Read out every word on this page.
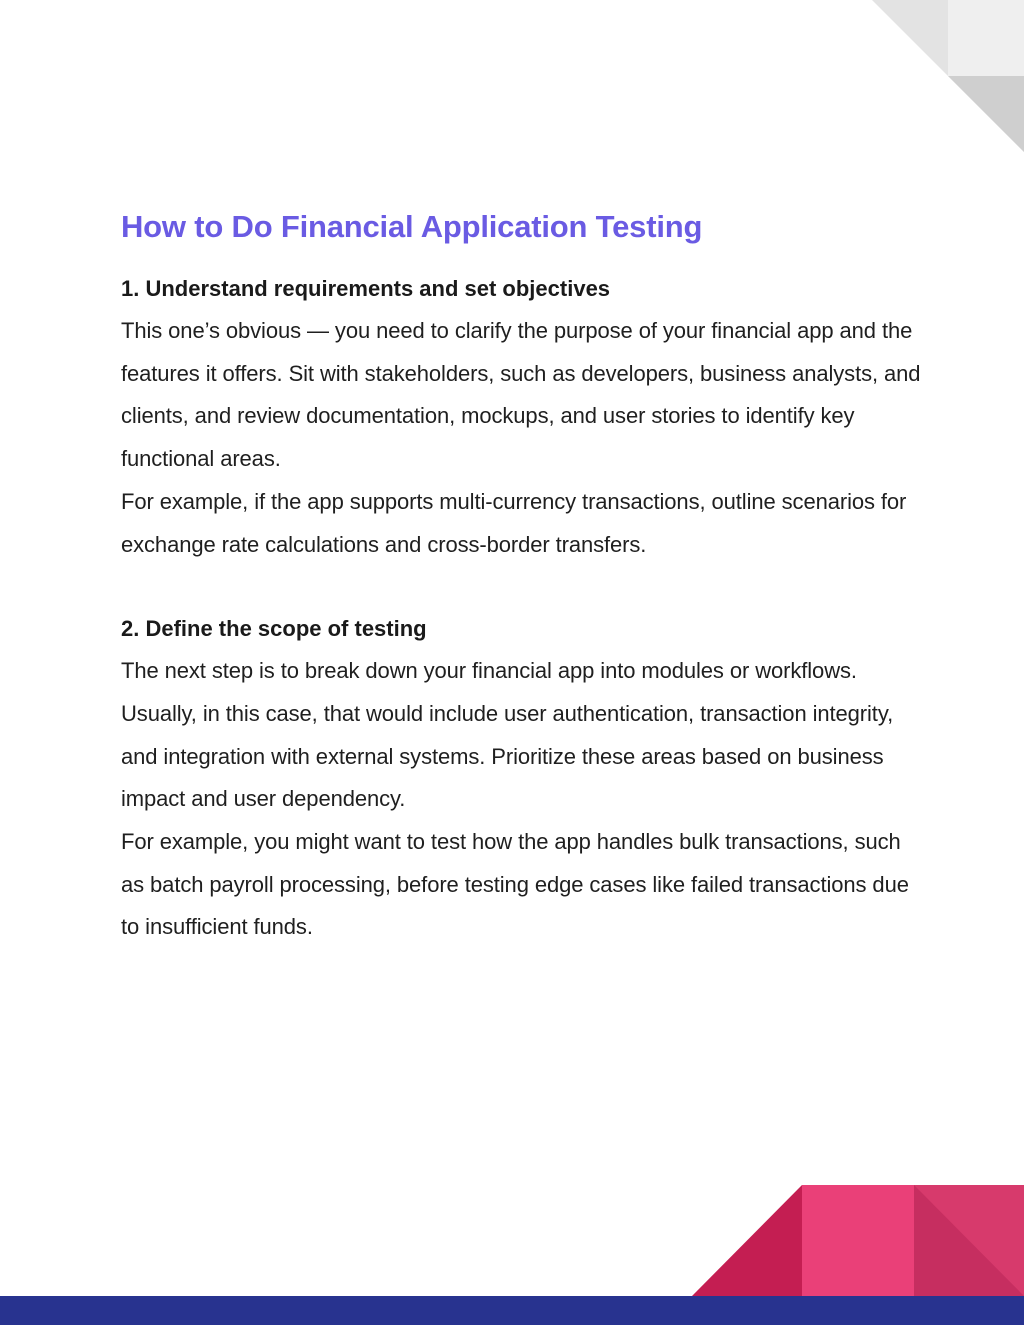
How to Do Financial Application Testing
1. Understand requirements and set objectives

This one’s obvious — you need to clarify the purpose of your financial app and the features it offers. Sit with stakeholders, such as developers, business analysts, and clients, and review documentation, mockups, and user stories to identify key functional areas.

For example, if the app supports multi-currency transactions, outline scenarios for exchange rate calculations and cross-border transfers.

2. Define the scope of testing

The next step is to break down your financial app into modules or workflows. Usually, in this case, that would include user authentication, transaction integrity, and integration with external systems. Prioritize these areas based on business impact and user dependency.

For example, you might want to test how the app handles bulk transactions, such as batch payroll processing, before testing edge cases like failed transactions due to insufficient funds.
